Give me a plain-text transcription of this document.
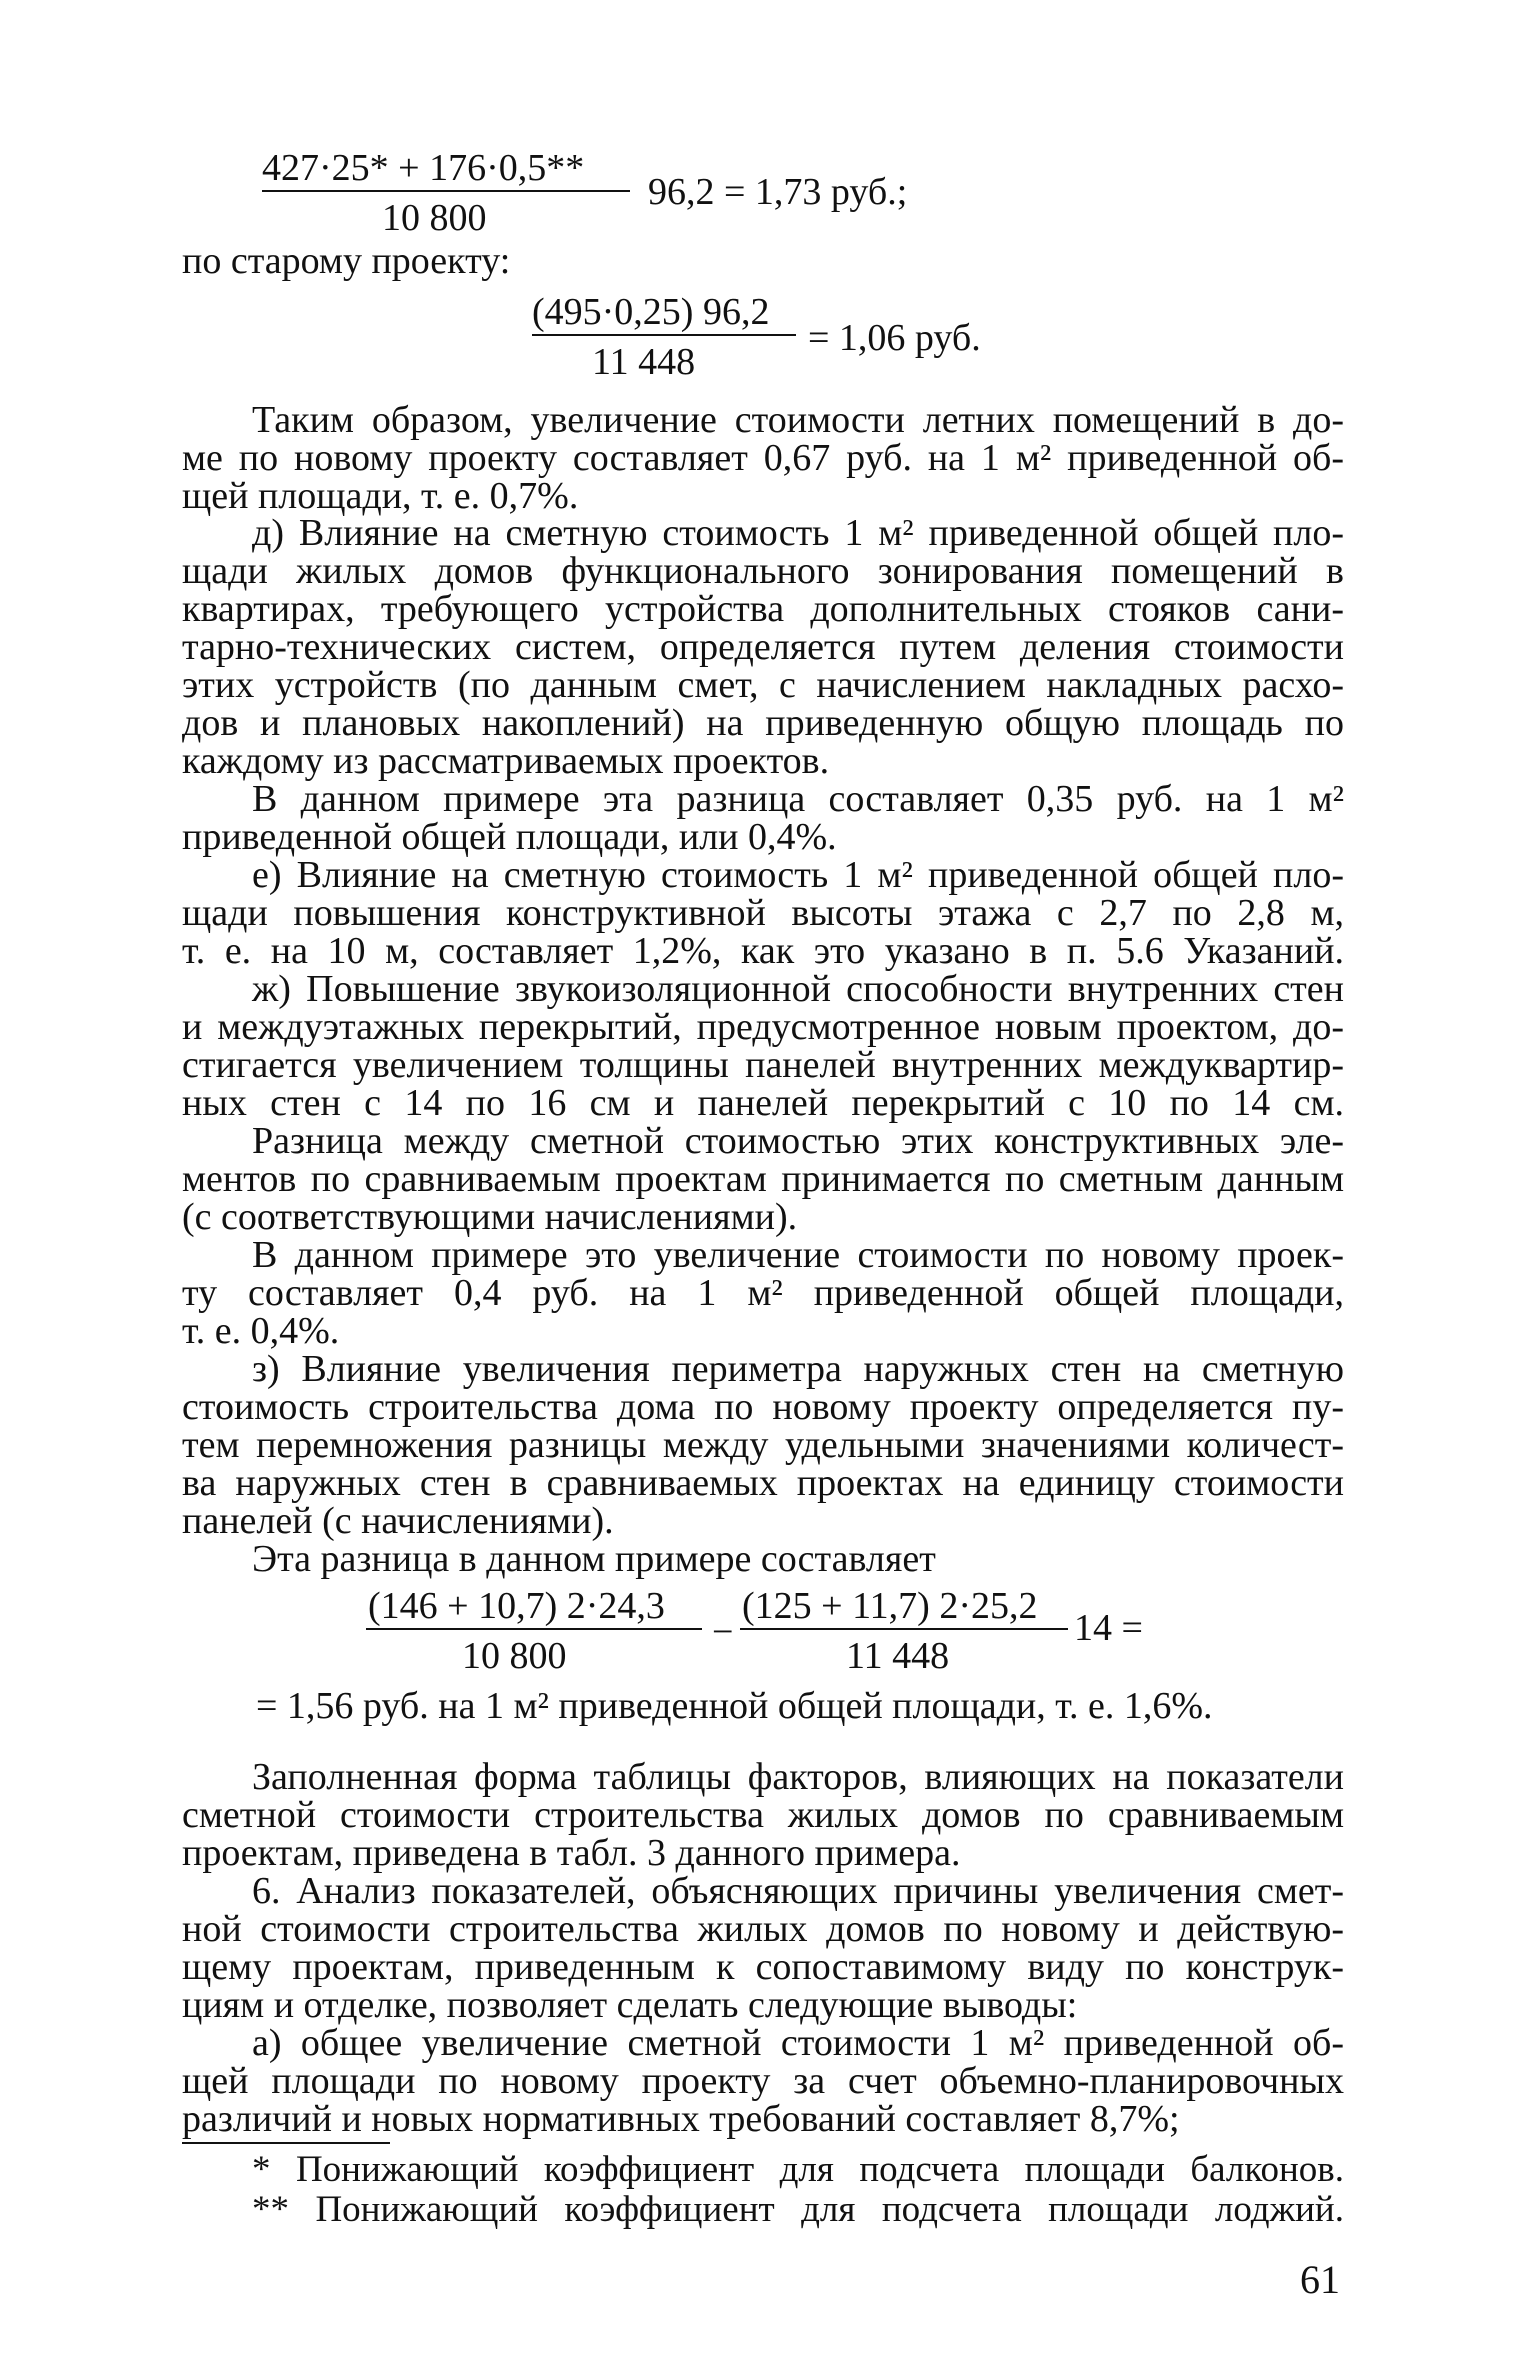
427·25* + 176·0,5**
10 800
96,2 = 1,73 руб.;
по старому проекту:
(495·0,25) 96,2
11 448
= 1,06 руб.
Таким образом, увеличение стоимости летних помещений в до-
ме по новому проекту составляет 0,67 руб. на 1 м² приведенной об-
щей площади, т. е. 0,7%.
д) Влияние на сметную стоимость 1 м² приведенной общей пло-
щади жилых домов функционального зонирования помещений в
квартирах, требующего устройства дополнительных стояков сани-
тарно-технических систем, определяется путем деления стоимости
этих устройств (по данным смет, с начислением накладных расхо-
дов и плановых накоплений) на приведенную общую площадь по
каждому из рассматриваемых проектов.
В данном примере эта разница составляет 0,35 руб. на 1 м²
приведенной общей площади, или 0,4%.
е) Влияние на сметную стоимость 1 м² приведенной общей пло-
щади повышения конструктивной высоты этажа с 2,7 по 2,8 м,
т. е. на 10 м, составляет 1,2%, как это указано в п. 5.6 Указаний.
ж) Повышение звукоизоляционной способности внутренних стен
и междуэтажных перекрытий, предусмотренное новым проектом, до-
стигается увеличением толщины панелей внутренних междуквартир-
ных стен с 14 по 16 см и панелей перекрытий с 10 по 14 см.
Разница между сметной стоимостью этих конструктивных эле-
ментов по сравниваемым проектам принимается по сметным данным
(с соответствующими начислениями).
В данном примере это увеличение стоимости по новому проек-
ту составляет 0,4 руб. на 1 м² приведенной общей площади,
т. е. 0,4%.
з) Влияние увеличения периметра наружных стен на сметную
стоимость строительства дома по новому проекту определяется пу-
тем перемножения разницы между удельными значениями количест-
ва наружных стен в сравниваемых проектах на единицу стоимости
панелей (с начислениями).
Эта разница в данном примере составляет
(146 + 10,7) 2·24,3
10 800
−
(125 + 11,7) 2·25,2
11 448
14 =
= 1,56 руб. на 1 м² приведенной общей площади, т. е. 1,6%.
Заполненная форма таблицы факторов, влияющих на показатели
сметной стоимости строительства жилых домов по сравниваемым
проектам, приведена в табл. 3 данного примера.
6. Анализ показателей, объясняющих причины увеличения смет-
ной стоимости строительства жилых домов по новому и действую-
щему проектам, приведенным к сопоставимому виду по конструк-
циям и отделке, позволяет сделать следующие выводы:
а) общее увеличение сметной стоимости 1 м² приведенной об-
щей площади по новому проекту за счет объемно-планировочных
различий и новых нормативных требований составляет 8,7%;
* Понижающий коэффициент для подсчета площади балконов.
** Понижающий коэффициент для подсчета площади лоджий.
61
